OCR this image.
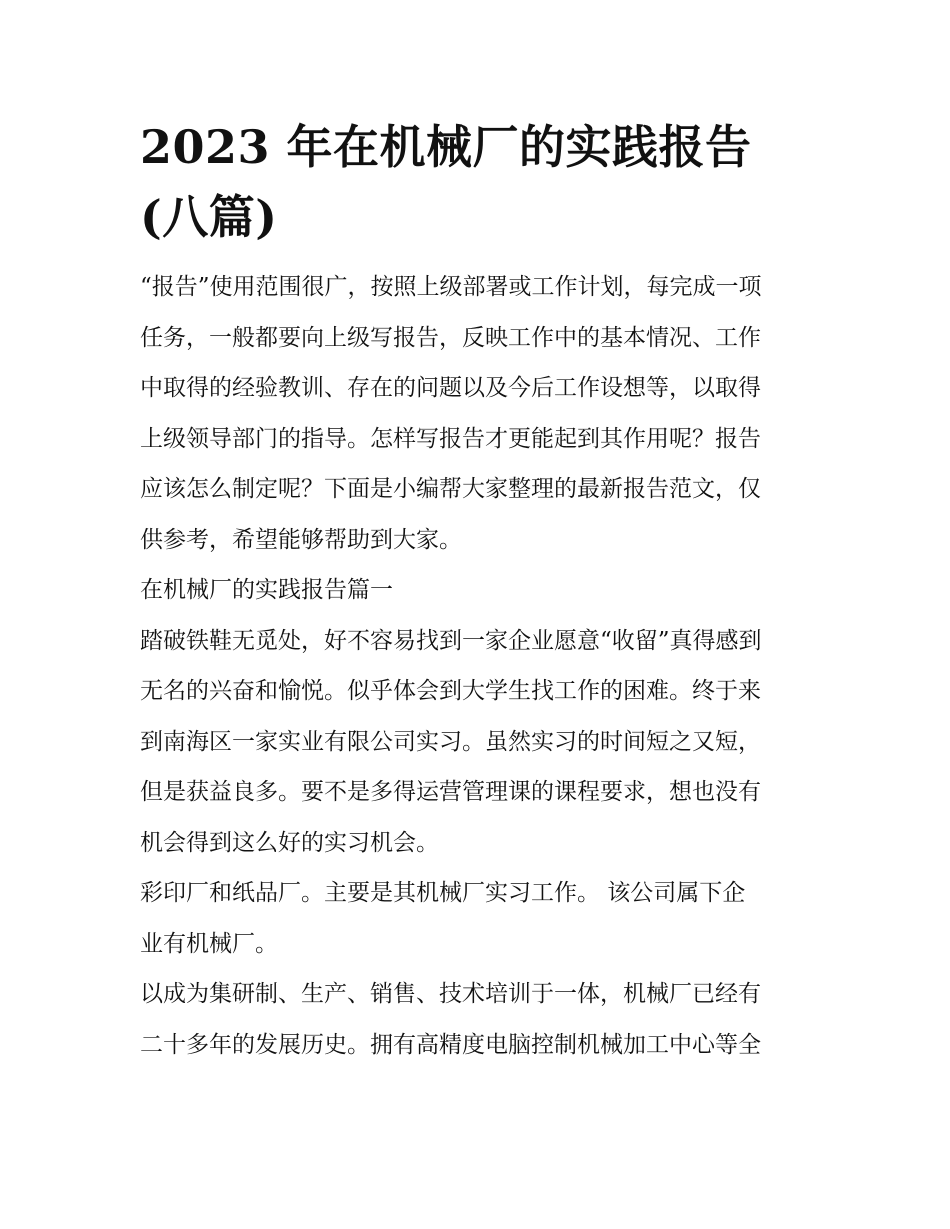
2023 年在机械厂的实践报告
(八篇)

“报告”使用范围很广，按照上级部署或工作计划，每完成一项
任务，一般都要向上级写报告，反映工作中的基本情况、工作
中取得的经验教训、存在的问题以及今后工作设想等，以取得
上级领导部门的指导。怎样写报告才更能起到其作用呢？报告
应该怎么制定呢？下面是小编帮大家整理的最新报告范文，仅
供参考，希望能够帮助到大家。

在机械厂的实践报告篇一

踏破铁鞋无觅处，好不容易找到一家企业愿意“收留”真得感到
无名的兴奋和愉悦。似乎体会到大学生找工作的困难。终于来
到南海区一家实业有限公司实习。虽然实习的时间短之又短，
但是获益良多。要不是多得运营管理课的课程要求，想也没有
机会得到这么好的实习机会。

彩印厂和纸品厂。主要是其机械厂实习工作。 该公司属下企
业有机械厂。

以成为集研制、生产、销售、技术培训于一体，机械厂已经有
二十多年的发展历史。拥有高精度电脑控制机械加工中心等全
